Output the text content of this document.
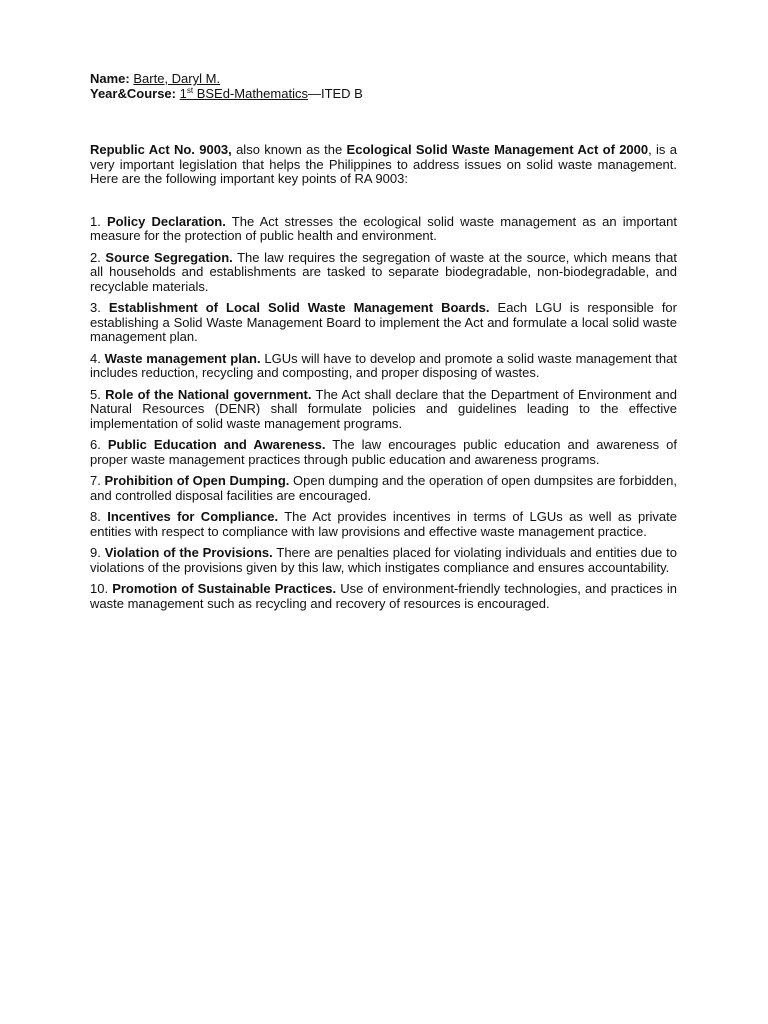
Name: Barte, Daryl M.

Year&Course: 1st BSEd-Mathematics—ITED B

Republic Act No. 9003, also known as the Ecological Solid Waste Management Act of 2000, is a very important legislation that helps the Philippines to address issues on solid waste management. Here are the following important key points of RA 9003:

1. Policy Declaration. The Act stresses the ecological solid waste management as an important measure for the protection of public health and environment.

2. Source Segregation. The law requires the segregation of waste at the source, which means that all households and establishments are tasked to separate biodegradable, non-biodegradable, and recyclable materials.

3. Establishment of Local Solid Waste Management Boards. Each LGU is responsible for establishing a Solid Waste Management Board to implement the Act and formulate a local solid waste management plan.

4. Waste management plan. LGUs will have to develop and promote a solid waste management that includes reduction, recycling and composting, and proper disposing of wastes.

5. Role of the National government. The Act shall declare that the Department of Environment and Natural Resources (DENR) shall formulate policies and guidelines leading to the effective implementation of solid waste management programs.

6. Public Education and Awareness. The law encourages public education and awareness of proper waste management practices through public education and awareness programs.

7. Prohibition of Open Dumping. Open dumping and the operation of open dumpsites are forbidden, and controlled disposal facilities are encouraged.

8. Incentives for Compliance. The Act provides incentives in terms of LGUs as well as private entities with respect to compliance with law provisions and effective waste management practice.

9. Violation of the Provisions. There are penalties placed for violating individuals and entities due to violations of the provisions given by this law, which instigates compliance and ensures accountability.

10. Promotion of Sustainable Practices. Use of environment-friendly technologies, and practices in waste management such as recycling and recovery of resources is encouraged.
